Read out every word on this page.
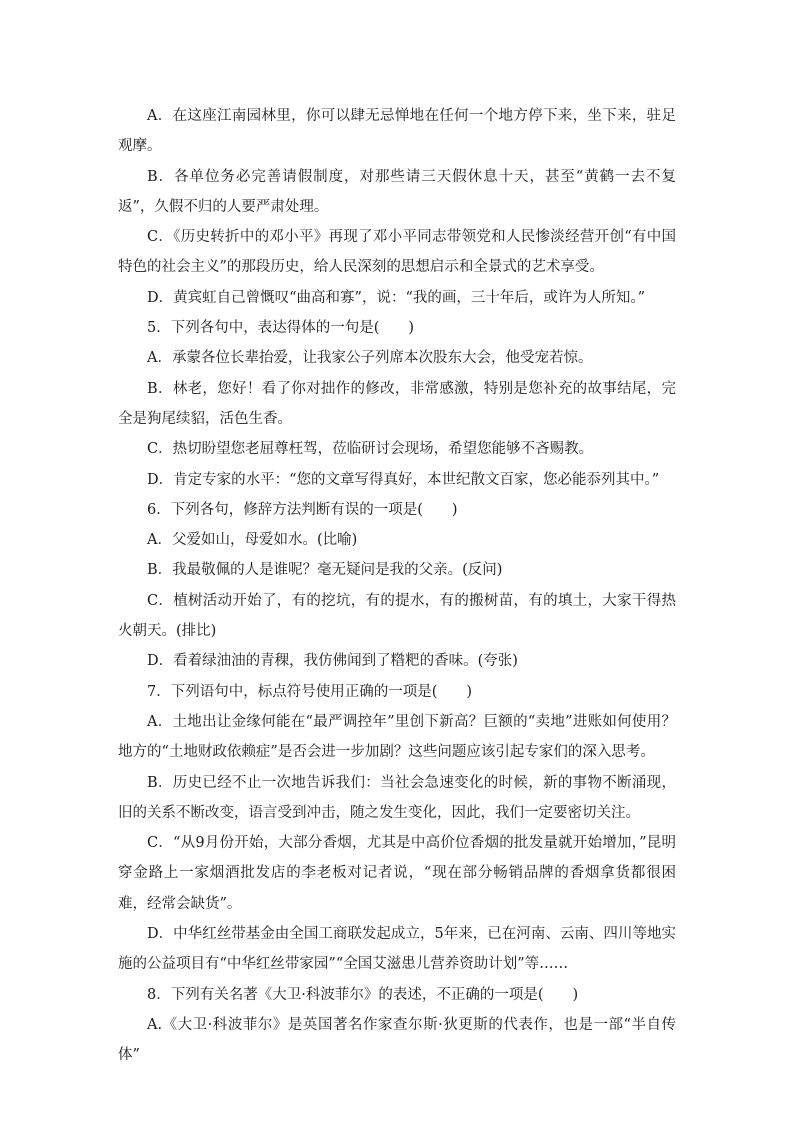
A．在这座江南园林里，你可以肆无忌惮地在任何一个地方停下来，坐下来，驻足观摩。

B．各单位务必完善请假制度，对那些请三天假休息十天，甚至“黄鹤一去不复返”，久假不归的人要严肃处理。

C．《历史转折中的邓小平》再现了邓小平同志带领党和人民惨淡经营开创“有中国特色的社会主义”的那段历史，给人民深刻的思想启示和全景式的艺术享受。

D．黄宾虹自己曾慨叹“曲高和寡”，说：“我的画，三十年后，或许为人所知。”

5．下列各句中，表达得体的一句是(　　)

A．承蒙各位长辈抬爱，让我家公子列席本次股东大会，他受宠若惊。

B．林老，您好！看了你对拙作的修改，非常感激，特别是您补充的故事结尾，完全是狗尾续貂，活色生香。

C．热切盼望您老屈尊枉驾，莅临研讨会现场，希望您能够不吝赐教。

D．肯定专家的水平：“您的文章写得真好，本世纪散文百家，您必能忝列其中。”

6．下列各句，修辞方法判断有误的一项是(　　)

A．父爱如山，母爱如水。(比喻)

B．我最敬佩的人是谁呢？毫无疑问是我的父亲。(反问)

C．植树活动开始了，有的挖坑，有的提水，有的搬树苗，有的填土，大家干得热火朝天。(排比)

D．看着绿油油的青稞，我仿佛闻到了糌粑的香味。(夸张)

7．下列语句中，标点符号使用正确的一项是(　　)

A．土地出让金缘何能在“最严调控年”里创下新高？巨额的“卖地”进账如何使用？地方的“土地财政依赖症”是否会进一步加剧？这些问题应该引起专家们的深入思考。

B．历史已经不止一次地告诉我们：当社会急速变化的时候，新的事物不断涌现，旧的关系不断改变，语言受到冲击，随之发生变化，因此，我们一定要密切关注。

C．“从9月份开始，大部分香烟，尤其是中高价位香烟的批发量就开始增加，”昆明穿金路上一家烟酒批发店的李老板对记者说，“现在部分畅销品牌的香烟拿货都很困难，经常会缺货”。

D．中华红丝带基金由全国工商联发起成立，5年来，已在河南、云南、四川等地实施的公益项目有“中华红丝带家园”“全国艾滋患儿营养资助计划”等……

8．下列有关名著《大卫·科波菲尔》的表述，不正确的一项是(　　)

A.《大卫·科波菲尔》是英国著名作家查尔斯·狄更斯的代表作，也是一部“半自传体”
